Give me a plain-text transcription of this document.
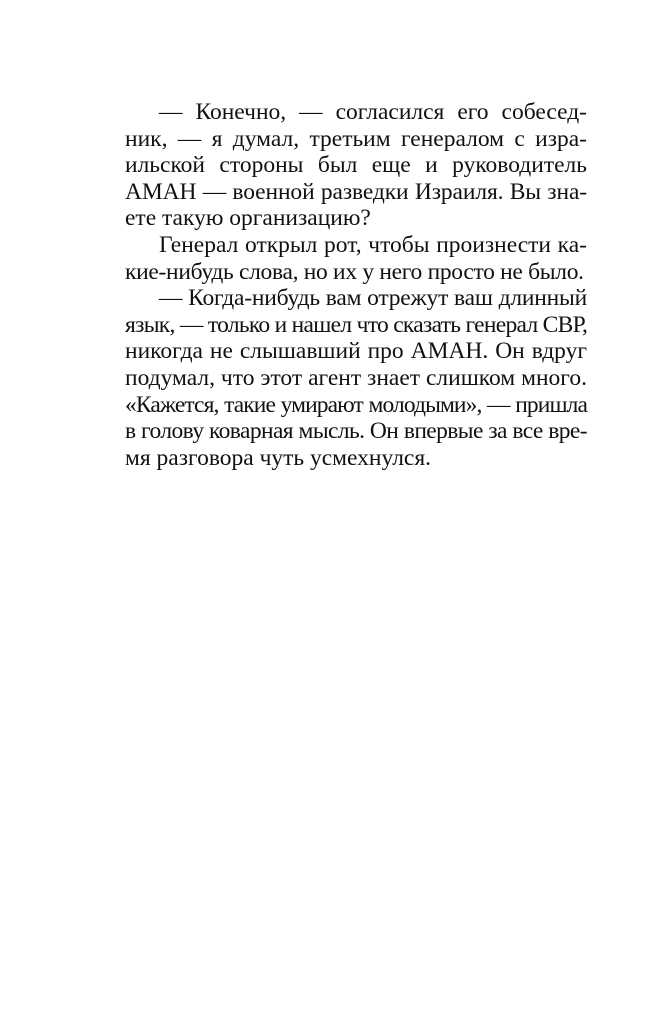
— Конечно, — согласился его собесед-
ник, — я думал, третьим генералом с изра-
ильской стороны был еще и руководитель
АМАН — военной разведки Израиля. Вы зна-
ете такую организацию?
Генерал открыл рот, чтобы произнести ка-
кие-нибудь слова, но их у него просто не было.
— Когда-нибудь вам отрежут ваш длинный
язык, — только и нашел что сказать генерал СВР,
никогда не слышавший про АМАН. Он вдруг
подумал, что этот агент знает слишком много.
«Кажется, такие умирают молодыми», — пришла
в голову коварная мысль. Он впервые за все вре-
мя разговора чуть усмехнулся.
